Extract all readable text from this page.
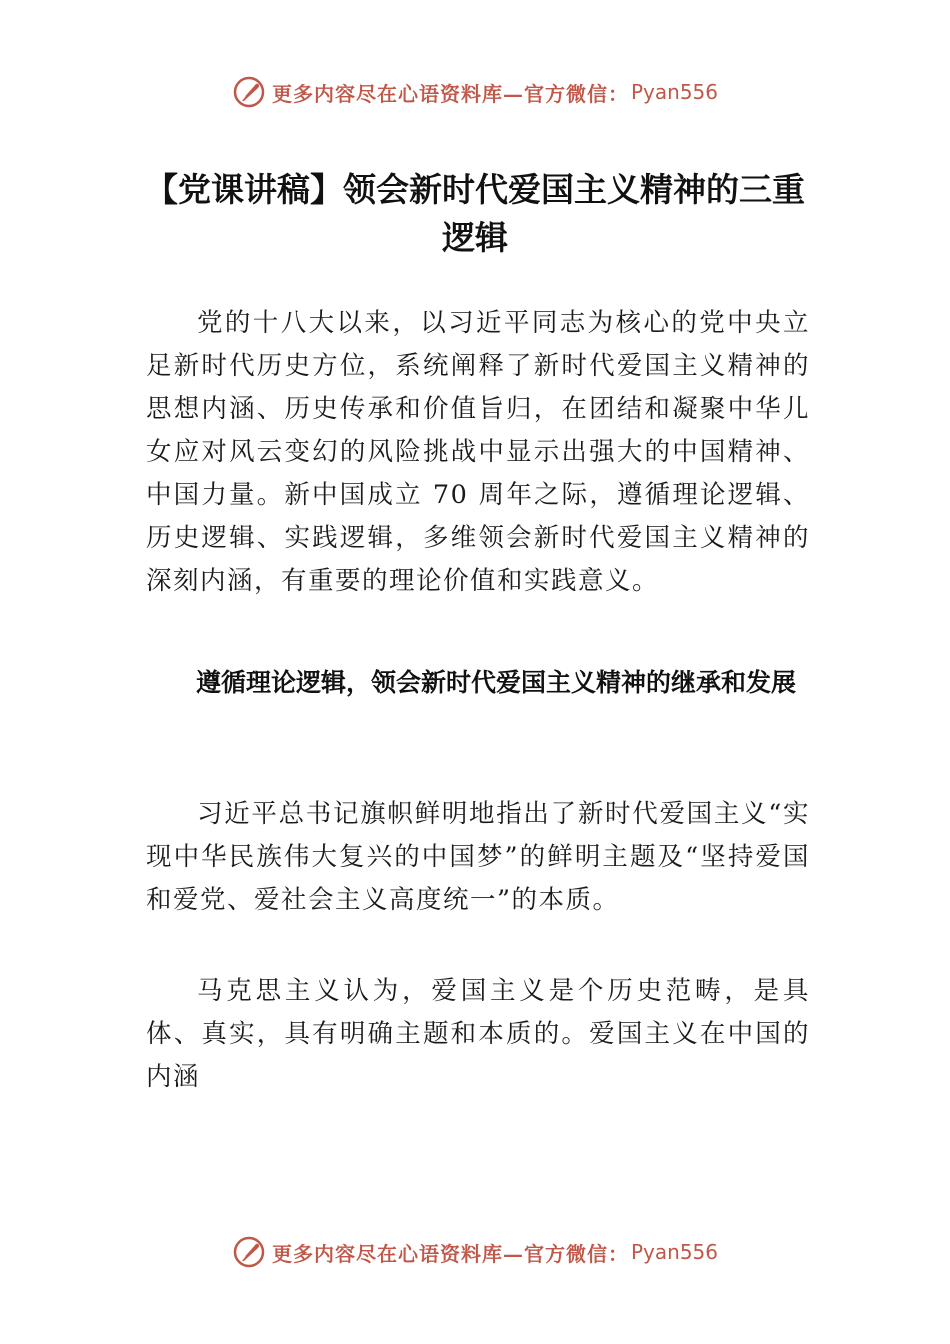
更多内容尽在心语资料库—官方微信： Pyan556
【党课讲稿】领会新时代爱国主义精神的三重逻辑
党的十八大以来，以习近平同志为核心的党中央立足新时代历史方位，系统阐释了新时代爱国主义精神的思想内涵、历史传承和价值旨归，在团结和凝聚中华儿女应对风云变幻的风险挑战中显示出强大的中国精神、中国力量。新中国成立 70 周年之际，遵循理论逻辑、历史逻辑、实践逻辑，多维领会新时代爱国主义精神的深刻内涵，有重要的理论价值和实践意义。
遵循理论逻辑，领会新时代爱国主义精神的继承和发展
习近平总书记旗帜鲜明地指出了新时代爱国主义“实现中华民族伟大复兴的中国梦”的鲜明主题及“坚持爱国和爱党、爱社会主义高度统一”的本质。
马克思主义认为，爱国主义是个历史范畴，是具体、真实，具有明确主题和本质的。爱国主义在中国的内涵
更多内容尽在心语资料库—官方微信： Pyan556
